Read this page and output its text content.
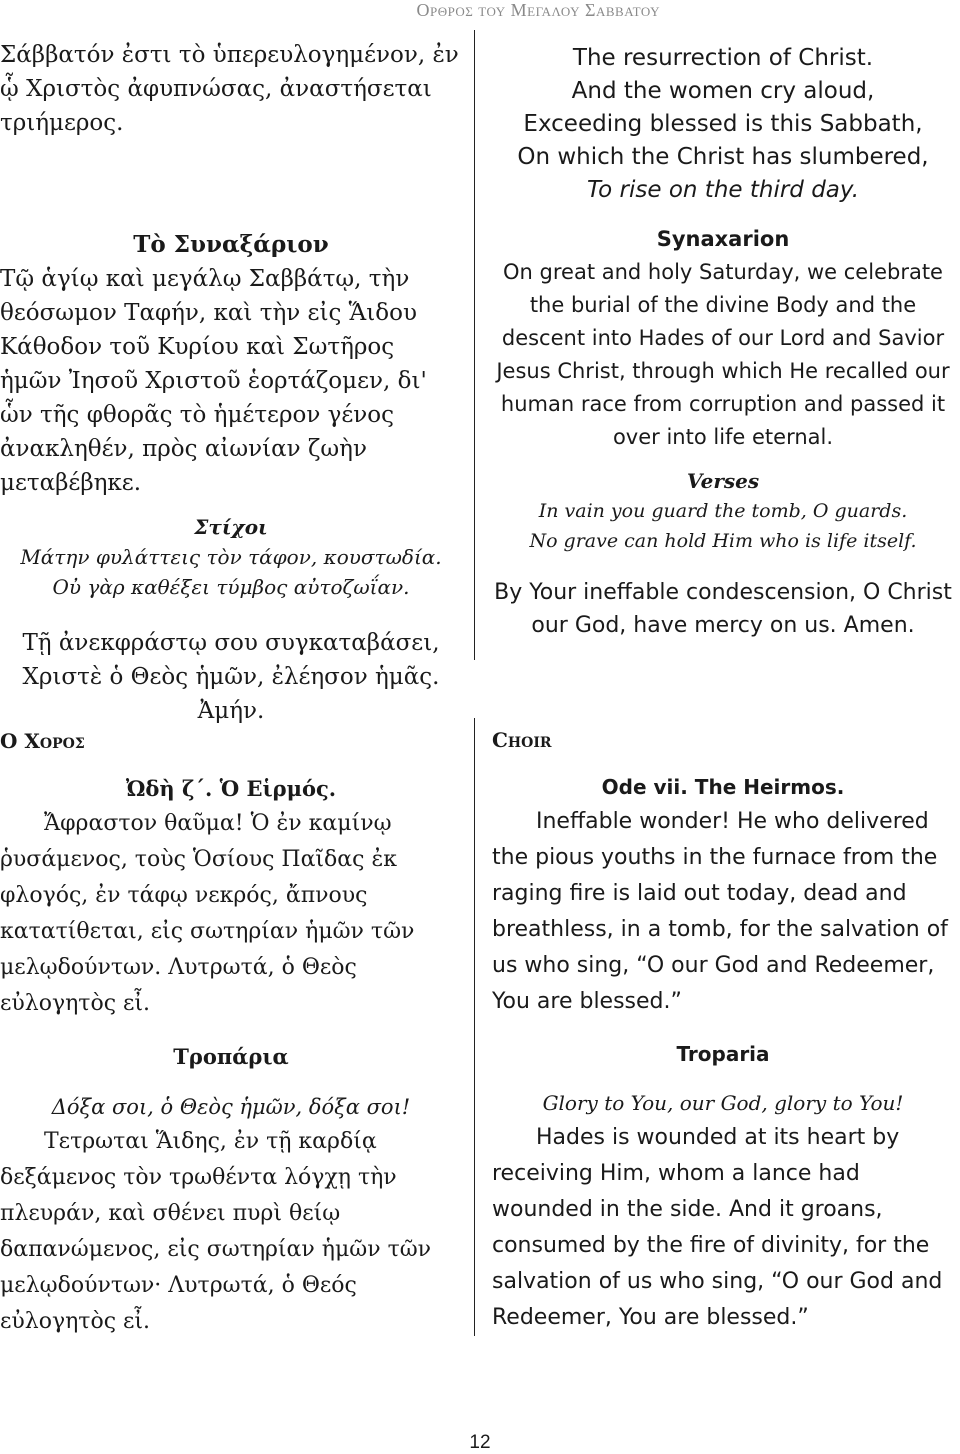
Ορθρος του Μεγαλου Σαββατου

Σάββατόν ἐστι τὸ ὑπερευλογημένον, ἐν ᾧ Χριστὸς ἀφυπνώσας, ἀναστήσεται τριήμερος.

Τὸ Συναξάριον

Τῷ ἁγίῳ καὶ μεγάλῳ Σαββάτῳ, τὴν θεόσωμον Ταφήν, καὶ τὴν εἰς Ἅιδου Κάθοδον τοῦ Κυρίου καὶ Σωτῆρος ἡμῶν Ἰησοῦ Χριστοῦ ἑορτάζομεν, δι' ὧν τῆς φθορᾶς τὸ ἡμέτερον γένος ἀνακληθέν, πρὸς αἰωνίαν ζωὴν μεταβέβηκε.

Στίχοι

Μάτην φυλάττεις τὸν τάφον, κουστωδία.

Οὐ γὰρ καθέξει τύμβος αὐτοζωΐαν.

Τῇ ἀνεκφράστῳ σου συγκαταβάσει, Χριστὲ ὁ Θεὸς ἡμῶν, ἐλέησον ἡμᾶς. Ἀμήν.

The resurrection of Christ.

And the women cry aloud,

Exceeding blessed is this Sabbath,

On which the Christ has slumbered,

To rise on the third day.

Synaxarion

On great and holy Saturday, we celebrate the burial of the divine Body and the descent into Hades of our Lord and Savior Jesus Christ, through which He recalled our human race from corruption and passed it over into life eternal.

Verses

In vain you guard the tomb, O guards.

No grave can hold Him who is life itself.

By Your ineffable condescension, O Christ our God, have mercy on us. Amen.

Ο Χορος

Ὠδὴ ζ΄. Ὁ Εἱρμός.

Ἄφραστον θαῦμα! Ὁ ἐν καμίνῳ ῥυσάμενος, τοὺς Ὁσίους Παῖδας ἐκ φλογός, ἐν τάφῳ νεκρός, ἄπνους κατατίθεται, εἰς σωτηρίαν ἡμῶν τῶν μελῳδούντων. Λυτρωτά, ὁ Θεὸς εὐλογητὸς εἶ.

Τροπάρια

Δόξα σοι, ὁ Θεὸς ἡμῶν, δόξα σοι!

Τετρωται Ἅιδης, ἐν τῇ καρδίᾳ δεξάμενος τὸν τρωθέντα λόγχῃ τὴν πλευράν, καὶ σθένει πυρὶ θείῳ δαπανώμενος, εἰς σωτηρίαν ἡμῶν τῶν μελῳδούντων· Λυτρωτά, ὁ Θεός εὐλογητὸς εἶ.

Choir

Ode vii. The Heirmos.

Ineffable wonder! He who delivered the pious youths in the furnace from the raging fire is laid out today, dead and breathless, in a tomb, for the salvation of us who sing, “O our God and Redeemer, You are blessed.”

Troparia

Glory to You, our God, glory to You!

Hades is wounded at its heart by receiving Him, whom a lance had wounded in the side. And it groans, consumed by the fire of divinity, for the salvation of us who sing, “O our God and Redeemer, You are blessed.”

12
